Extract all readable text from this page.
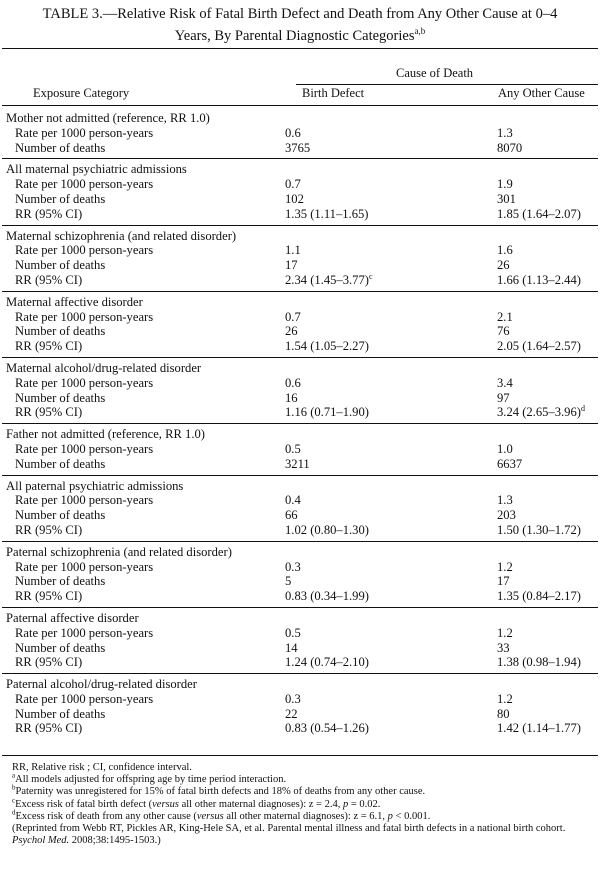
TABLE 3.—Relative Risk of Fatal Birth Defect and Death from Any Other Cause at 0–4
Years, By Parental Diagnostic Categories$^{a,b}$
Cause of Death
Exposure Category	Birth Defect	Any Other Cause
Mother not admitted (reference, RR 1.0)
Rate per 1000 person-years	0.6	1.3
Number of deaths	3765	8070
All maternal psychiatric admissions
Rate per 1000 person-years	0.7	1.9
Number of deaths	102	301
RR (95% CI)	1.35 (1.11–1.65)	1.85 (1.64–2.07)
Maternal schizophrenia (and related disorder)
Rate per 1000 person-years	1.1	1.6
Number of deaths	17	26
RR (95% CI)	2.34 $(1.45-3.77)^c$	1.66 (1.13–2.44)
Maternal affective disorder
Rate per 1000 person-years	0.7	2.1
Number of deaths	26	76
RR (95% CI)	1.54 (1.05–2.27)	2.05 (1.64–2.57)
Maternal alcohol/drug-related disorder
Rate per 1000 person-years	0.6	3.4
Number of deaths	16	97
RR (95% CI)	1.16 (0.71–1.90)	3.24 $(2.65-3.96)^d$
Father not admitted (reference, RR 1.0)
Rate per 1000 person-years	0.5	1.0
Number of deaths	3211	6637
All paternal psychiatric admissions
Rate per 1000 person-years	0.4	1.3
Number of deaths	66	203
RR (95% CI)	1.02 (0.80–1.30)	1.50 (1.30–1.72)
Paternal schizophrenia (and related disorder)
Rate per 1000 person-years	0.3	1.2
Number of deaths	5	17
RR (95% CI)	0.83 (0.34–1.99)	1.35 (0.84–2.17)
Paternal affective disorder
Rate per 1000 person-years	0.5	1.2
Number of deaths	14	33
RR (95% CI)	1.24 (0.74–2.10)	1.38 (0.98–1.94)
Paternal alcohol/drug-related disorder
Rate per 1000 person-years	0.3	1.2
Number of deaths	22	80
RR (95% CI)	0.83 (0.54–1.26)	1.42 (1.14–1.77)
RR, Relative risk ; CI, confidence interval.
$^a$All models adjusted for offspring age by time period interaction.
$^b$Paternity was unregistered for 15% of fatal birth defects and 18% of deaths from any other cause.
$^c$Excess risk of fatal birth defect (versus all other maternal diagnoses): z = 2.4, p = 0.02.
$^d$Excess risk of death from any other cause (versus all other maternal diagnoses): z = 6.1, p < 0.001.
(Reprinted from Webb RT, Pickles AR, King-Hele SA, et al. Parental mental illness and fatal birth defects in a national birth cohort. Psychol Med. 2008;38:1495-1503.)
